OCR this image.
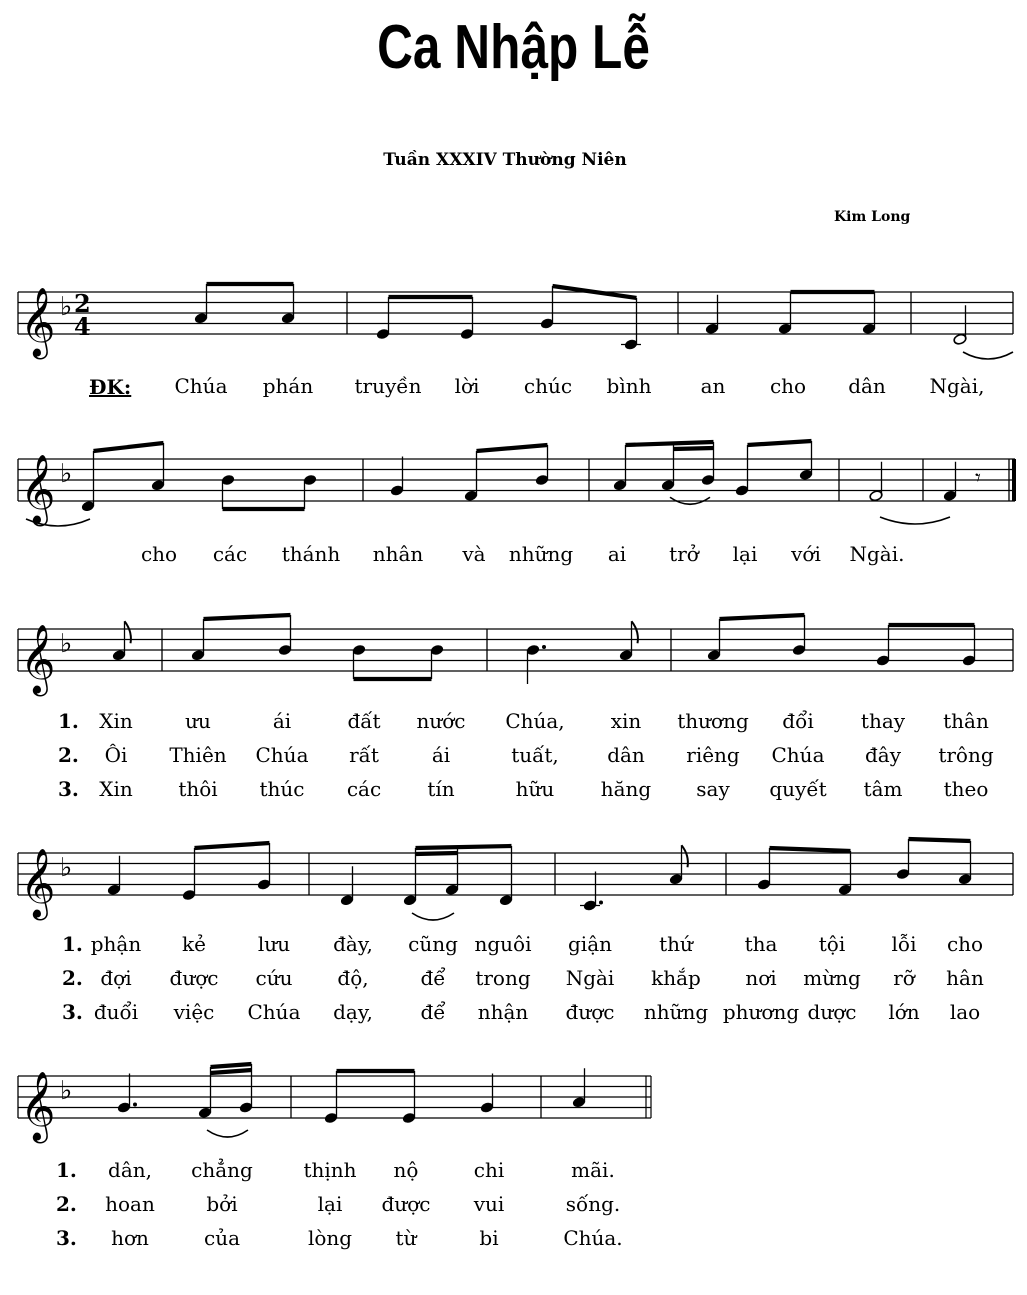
Ca Nhập Lễ
Tuần XXXIV Thường Niên
Kim Long
𝄞 ♭ 2
4
𝄞 ♭	𝄾
𝄞 ♭
𝄞 ♭
𝄞 ♭
Chúa phán truyền lời chúc bình an cho dân Ngài,
cho các thánh nhân và những ai trở lại với Ngài.
1. Xin	ưu	ái	đất nước Chúa, xin thương đổi thay thân
1. phận kẻ	lưu đày, cũng nguôi giận thứ	tha tội lỗi cho
1. dân, chẳng	thịnh nộ	chi	mãi.
2. Ôi Thiên Chúa rất	ái	tuất, dân riêng Chúa đây trông
2. đợi được cứu độ,	để trong Ngài khắp nơi mừng rỡ hân
2. hoan	bởi	lại được vui	sống.
3. Xin thôi thúc các tín	hữu hăng say quyết tâm theo
3. đuổi việc Chúa dạy, để nhận được những phương dược lớn lao
3. hơn	của	lòng từ	bi	Chúa.
ĐK:
